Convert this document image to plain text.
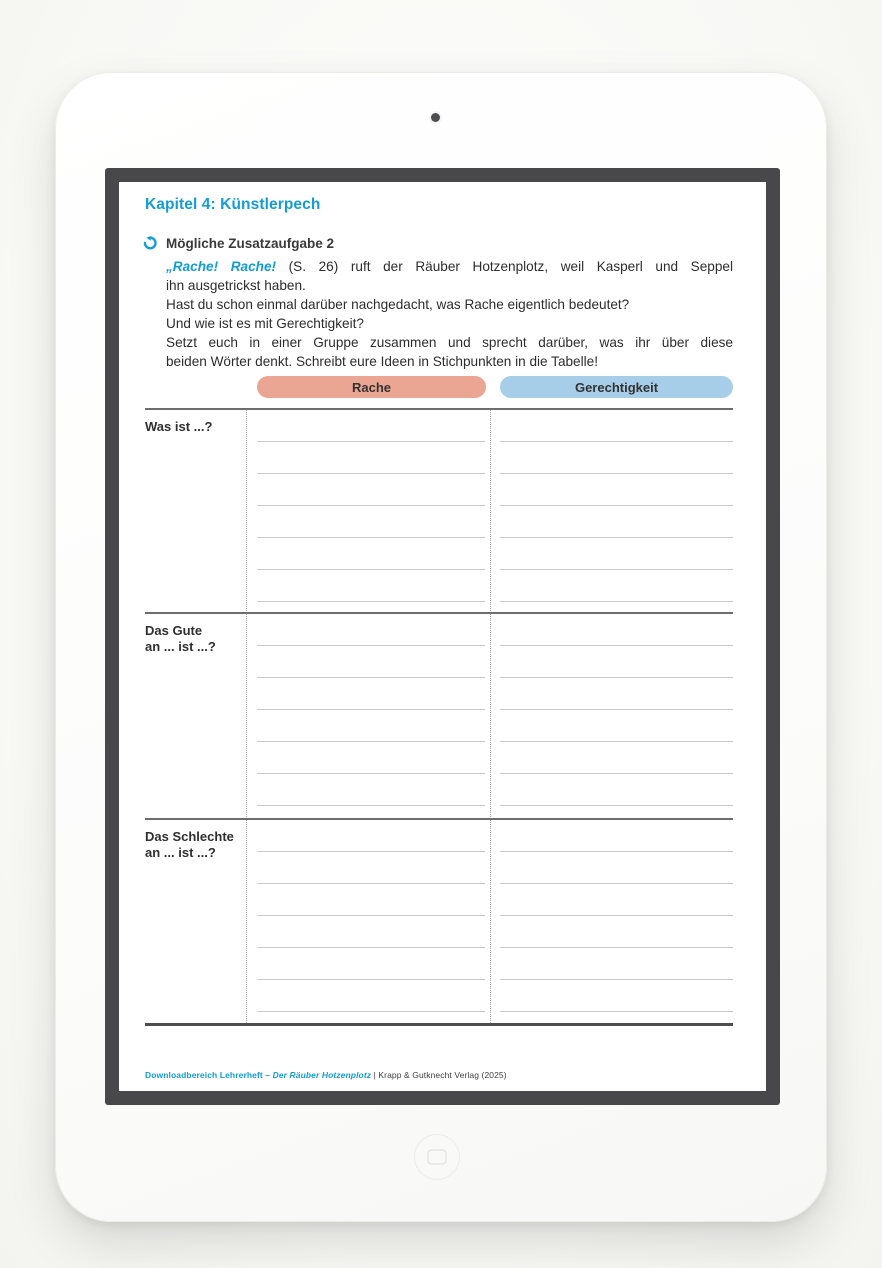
Kapitel 4: Künstlerpech
Mögliche Zusatzaufgabe 2
„Rache! Rache! (S. 26) ruft der Räuber Hotzenplotz, weil Kasperl und Seppel
ihn ausgetrickst haben.
Hast du schon einmal darüber nachgedacht, was Rache eigentlich bedeutet?
Und wie ist es mit Gerechtigkeit?
Setzt euch in einer Gruppe zusammen und sprecht darüber, was ihr über diese
beiden Wörter denkt. Schreibt eure Ideen in Stichpunkten in die Tabelle!
Rache	Gerechtigkeit
Was ist ...?
Das Gute
an ... ist ...?
Das Schlechte
an ... ist ...?
Downloadbereich Lehrerheft – Der Räuber Hotzenplotz | Krapp & Gutknecht Verlag (2025)
